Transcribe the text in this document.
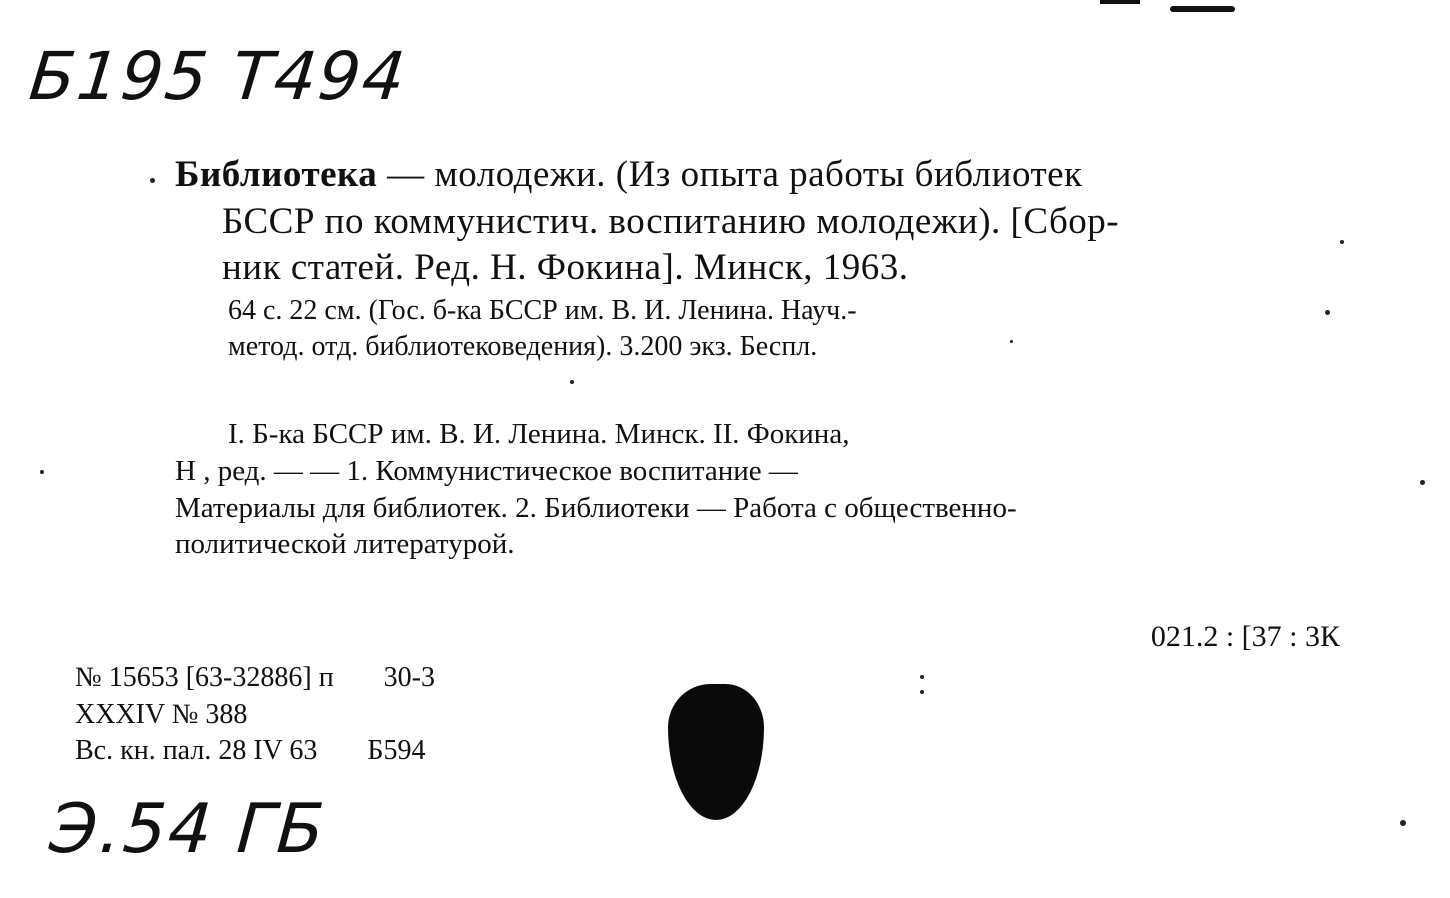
Б195 Т494
Библиотека — молодежи. (Из опыта работы библиотек
БССР по коммунистич. воспитанию молодежи). [Сбор-
ник статей. Ред. Н. Фокина]. Минск, 1963.
64 с. 22 см. (Гос. б-ка БССР им. В. И. Ленина. Науч.-
метод. отд. библиотековедения). 3.200 экз. Беспл.
I. Б-ка БССР им. В. И. Ленина. Минск. II. Фокина,
Н , ред. — — 1. Коммунистическое воспитание —
Материалы для библиотек. 2. Библиотеки — Работа с общественно-
политической литературой.
021.2 : [37 : 3К
№ 15653 [63-32886] п 30-3
XXXIV № 388
Вс. кн. пал. 28 IV 63 Б594
Э.54 ГБ
